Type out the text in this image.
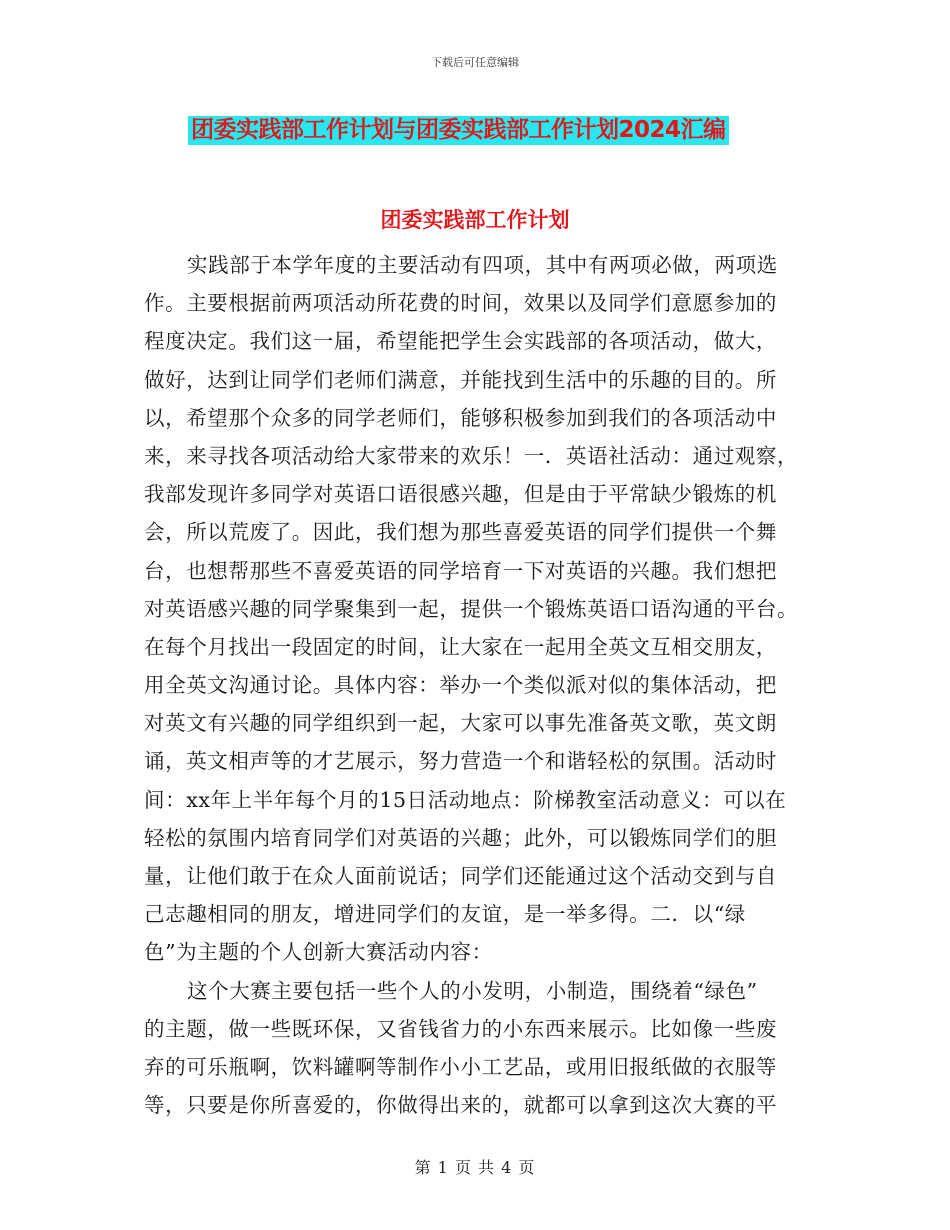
下载后可任意编辑
团委实践部工作计划与团委实践部工作计划2024汇编
团委实践部工作计划
实践部于本学年度的主要活动有四项，其中有两项必做，两项选
作。主要根据前两项活动所花费的时间，效果以及同学们意愿参加的
程度决定。我们这一届，希望能把学生会实践部的各项活动，做大，
做好，达到让同学们老师们满意，并能找到生活中的乐趣的目的。所
以，希望那个众多的同学老师们，能够积极参加到我们的各项活动中
来，来寻找各项活动给大家带来的欢乐！一．英语社活动：通过观察，
我部发现许多同学对英语口语很感兴趣，但是由于平常缺少锻炼的机
会，所以荒废了。因此，我们想为那些喜爱英语的同学们提供一个舞
台，也想帮那些不喜爱英语的同学培育一下对英语的兴趣。我们想把
对英语感兴趣的同学聚集到一起，提供一个锻炼英语口语沟通的平台。
在每个月找出一段固定的时间，让大家在一起用全英文互相交朋友，
用全英文沟通讨论。具体内容：举办一个类似派对似的集体活动，把
对英文有兴趣的同学组织到一起，大家可以事先准备英文歌，英文朗
诵，英文相声等的才艺展示，努力营造一个和谐轻松的氛围。活动时
间：xx年上半年每个月的15日活动地点：阶梯教室活动意义：可以在
轻松的氛围内培育同学们对英语的兴趣；此外，可以锻炼同学们的胆
量，让他们敢于在众人面前说话；同学们还能通过这个活动交到与自
己志趣相同的朋友，增进同学们的友谊，是一举多得。二．以“绿
色”为主题的个人创新大赛活动内容：
这个大赛主要包括一些个人的小发明，小制造，围绕着“绿色”
的主题，做一些既环保，又省钱省力的小东西来展示。比如像一些废
弃的可乐瓶啊，饮料罐啊等制作小小工艺品，或用旧报纸做的衣服等
等，只要是你所喜爱的，你做得出来的，就都可以拿到这次大赛的平
第 1 页 共 4 页
